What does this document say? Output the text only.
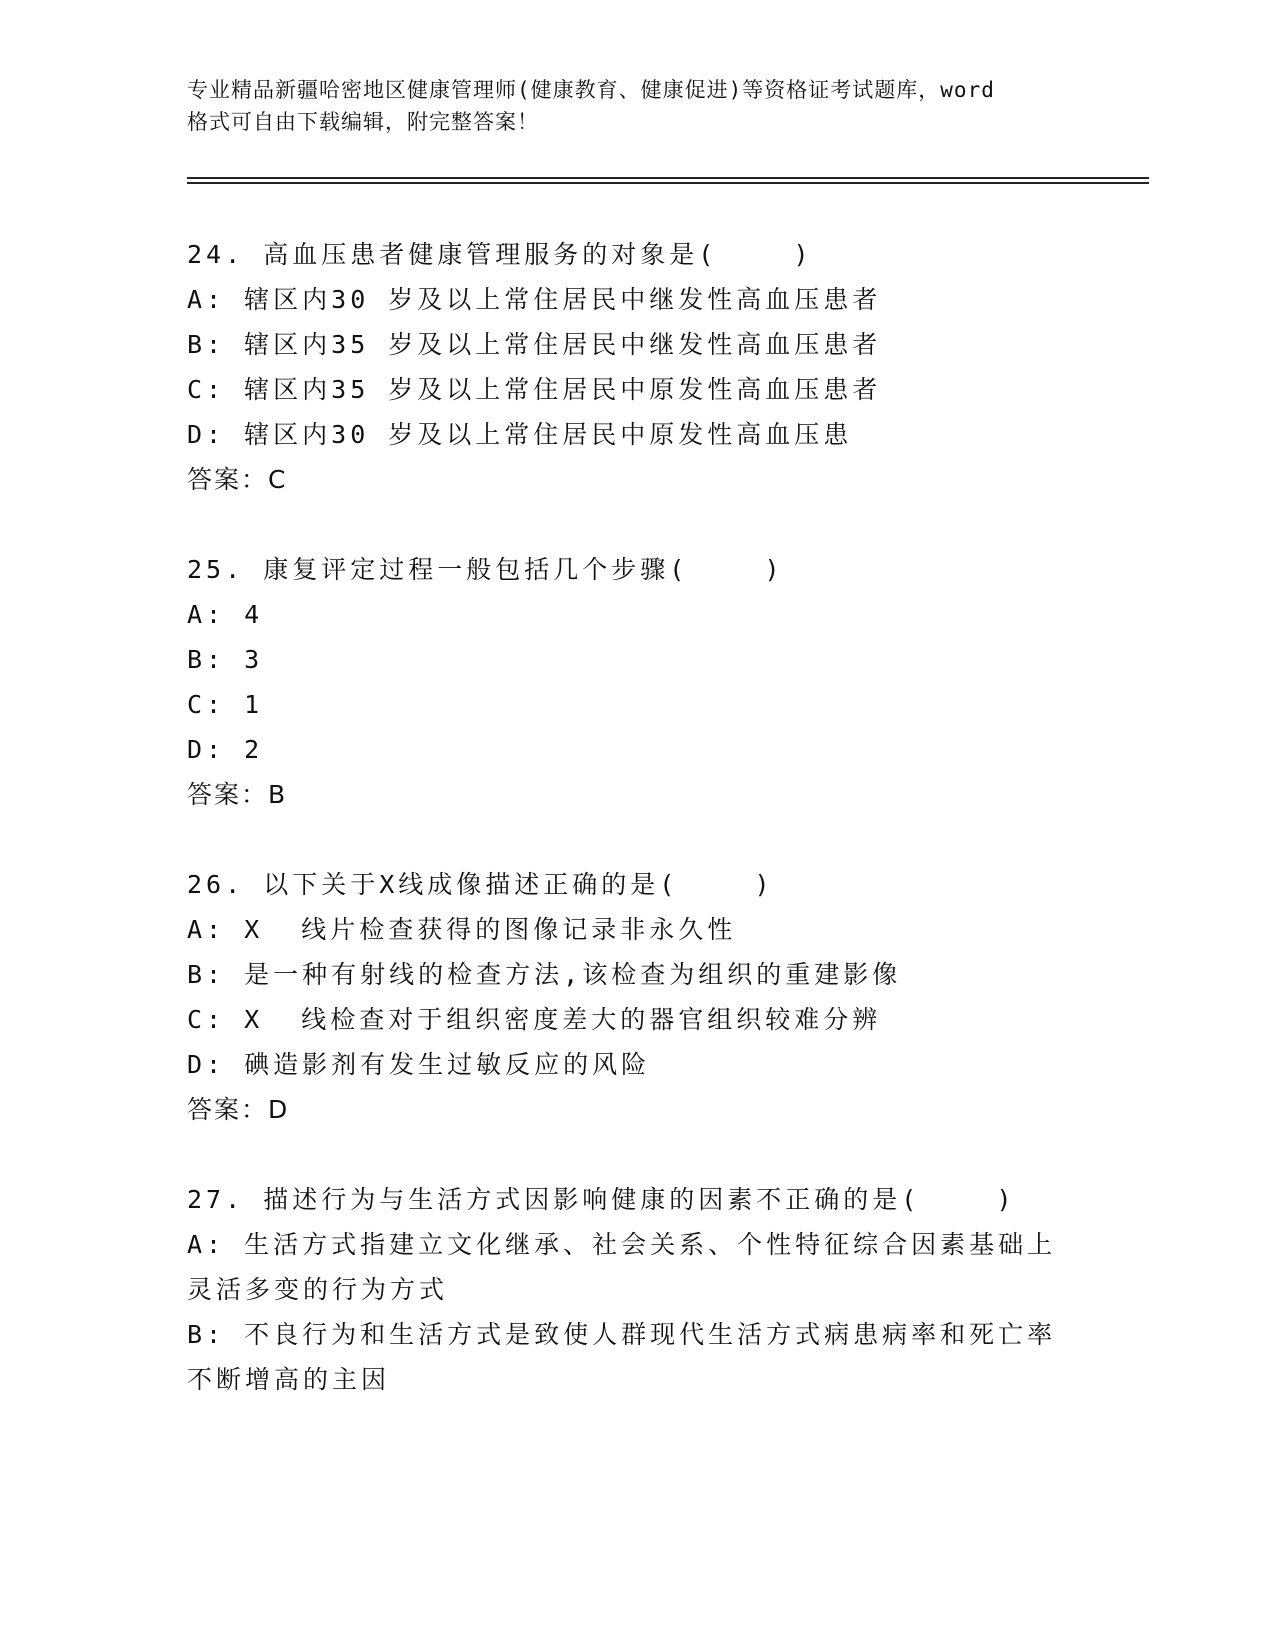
专业精品新疆哈密地区健康管理师(健康教育、健康促进)等资格证考试题库，word
格式可自由下载编辑，附完整答案！
24. 高血压患者健康管理服务的对象是(    )
A: 辖区内30 岁及以上常住居民中继发性高血压患者
B: 辖区内35 岁及以上常住居民中继发性高血压患者
C: 辖区内35 岁及以上常住居民中原发性高血压患者
D: 辖区内30 岁及以上常住居民中原发性高血压患
答案：C
25. 康复评定过程一般包括几个步骤(    )
A: 4
B: 3
C: 1
D: 2
答案：B
26. 以下关于X线成像描述正确的是(    )
A: X  线片检查获得的图像记录非永久性
B: 是一种有射线的检查方法,该检查为组织的重建影像
C: X  线检查对于组织密度差大的器官组织较难分辨
D: 碘造影剂有发生过敏反应的风险
答案：D
27. 描述行为与生活方式因影响健康的因素不正确的是(    )
A: 生活方式指建立文化继承、社会关系、个性特征综合因素基础上灵活多变的行为方式
B: 不良行为和生活方式是致使人群现代生活方式病患病率和死亡率不断增高的主因
